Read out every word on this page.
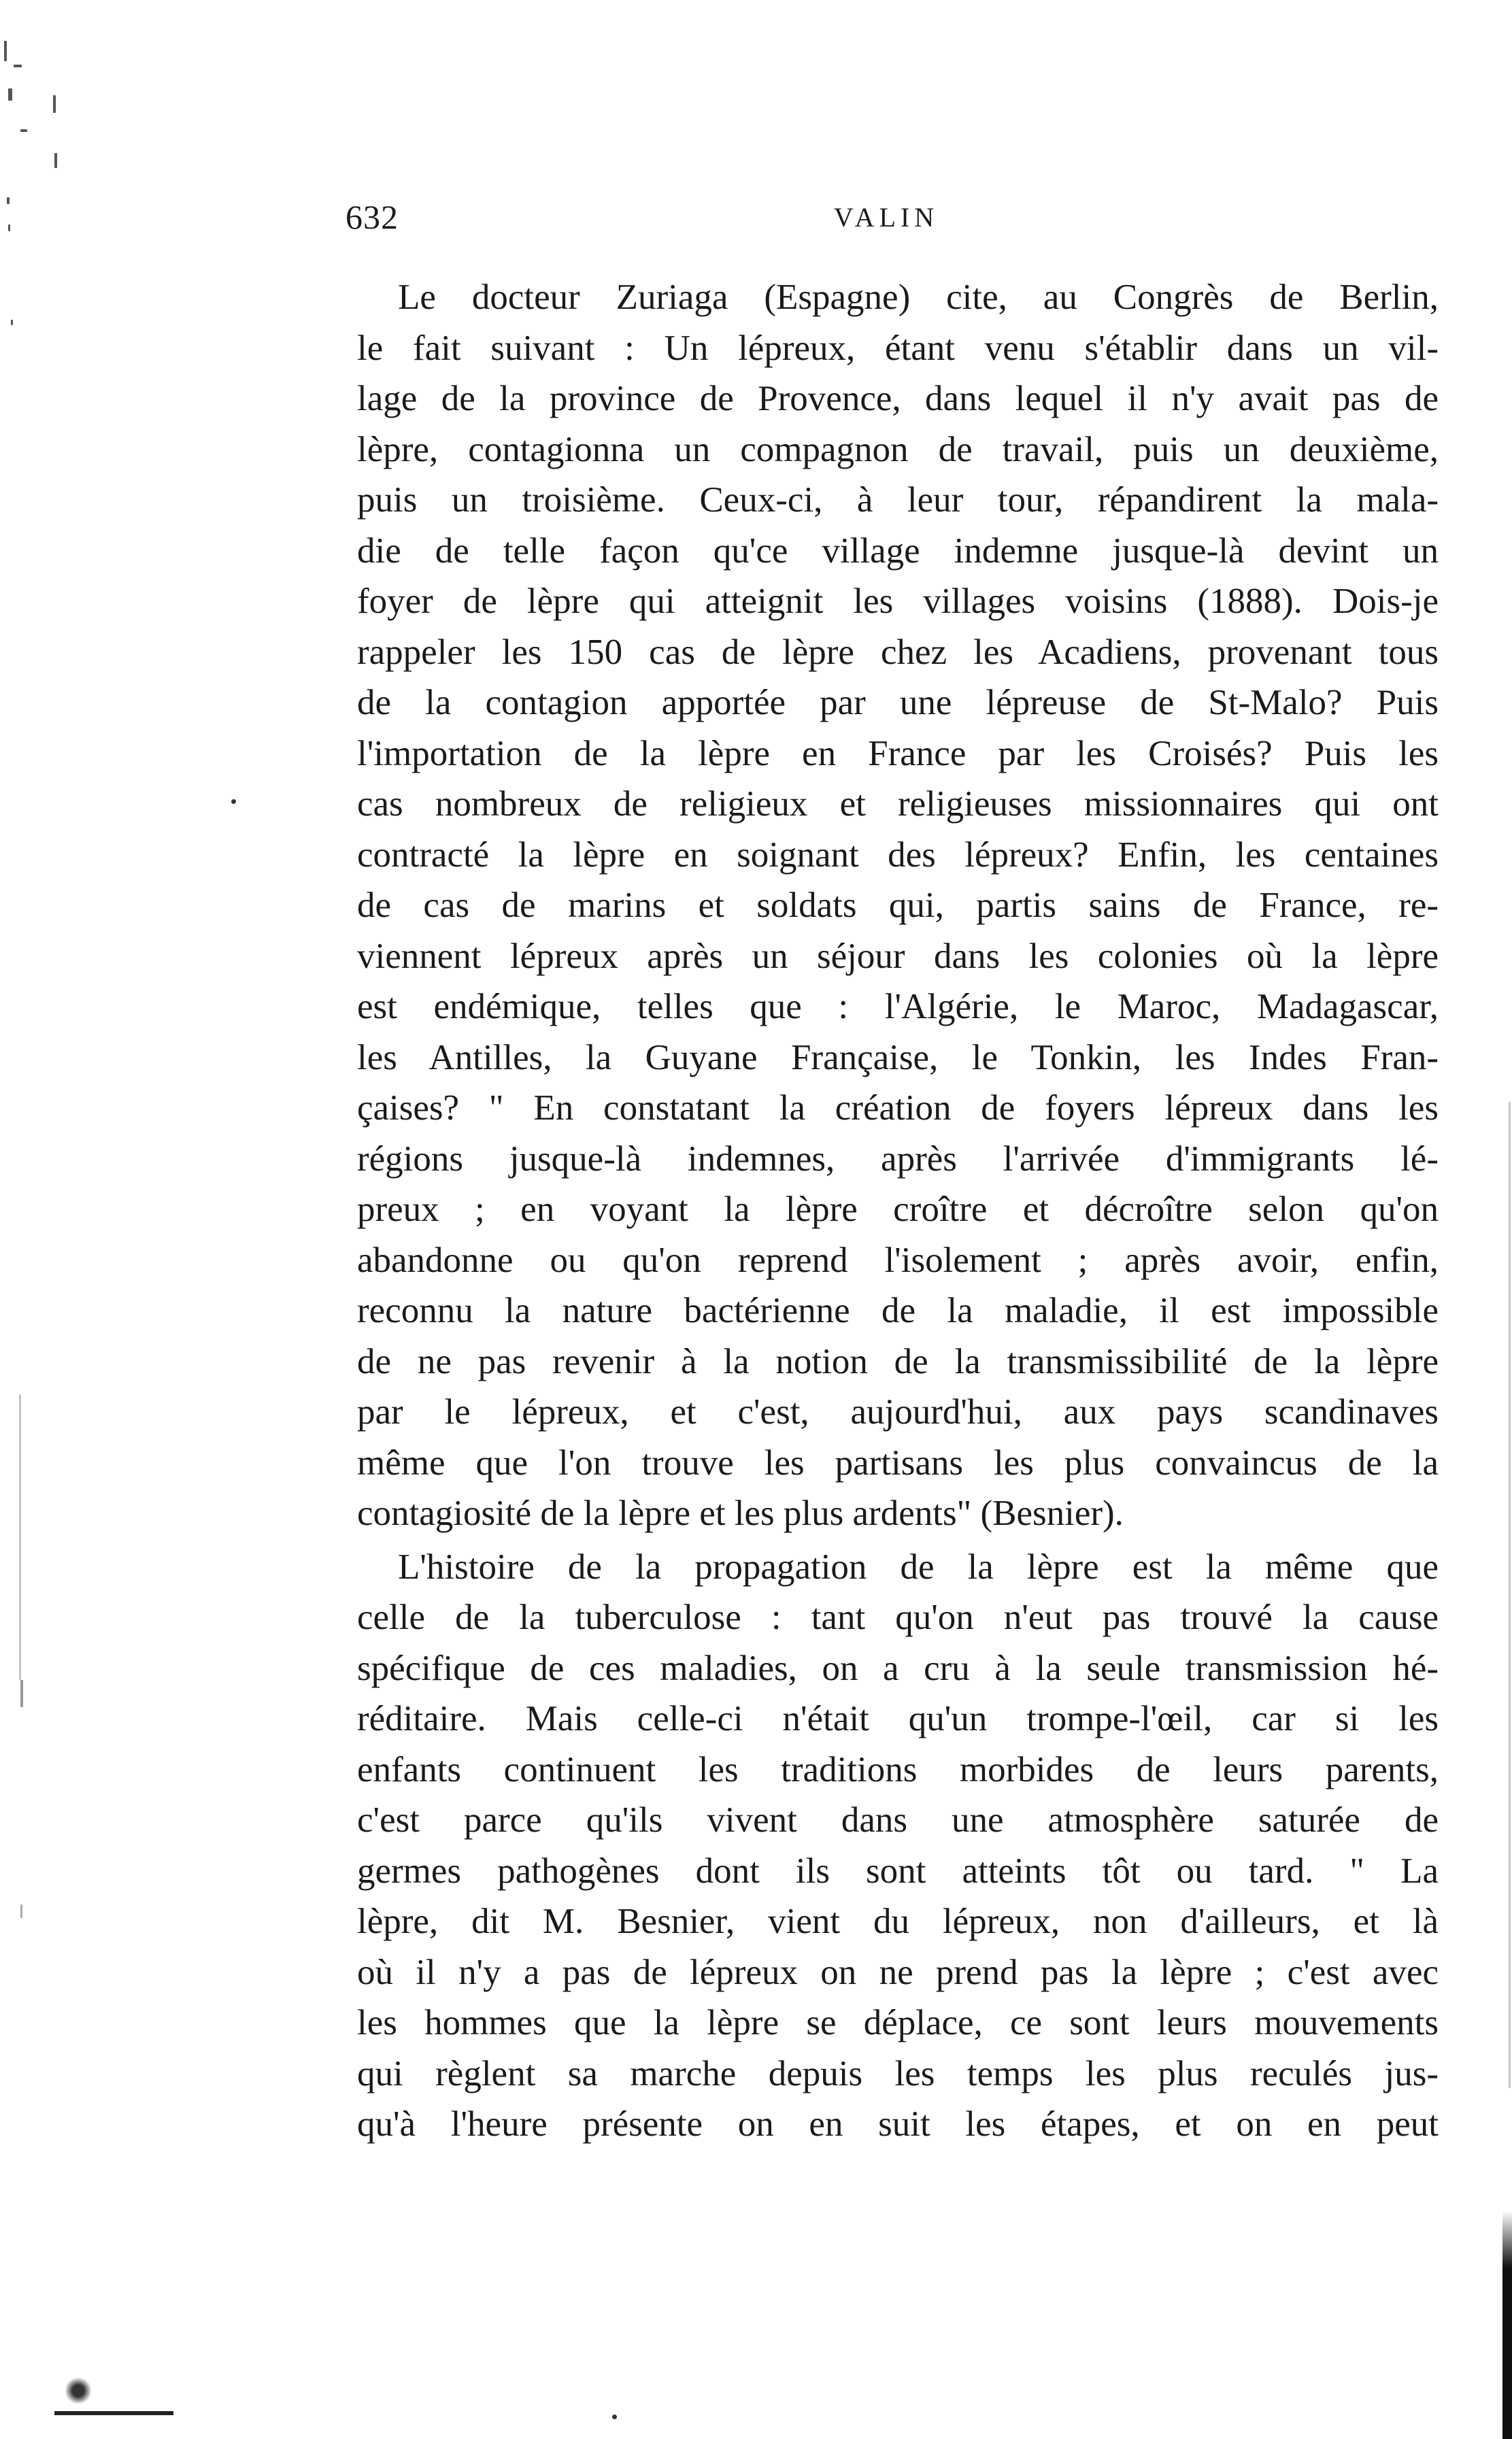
632	VALIN
Le docteur Zuriaga (Espagne) cite, au Congrès de Berlin,
le fait suivant : Un lépreux, étant venu s'établir dans un vil-
lage de la province de Provence, dans lequel il n'y avait pas de
lèpre, contagionna un compagnon de travail, puis un deuxième,
puis un troisième. Ceux-ci, à leur tour, répandirent la mala-
die de telle façon qu'ce village indemne jusque-là devint un
foyer de lèpre qui atteignit les villages voisins (1888). Dois-je
rappeler les 150 cas de lèpre chez les Acadiens, provenant tous
de la contagion apportée par une lépreuse de St-Malo? Puis
l'importation de la lèpre en France par les Croisés? Puis les
cas nombreux de religieux et religieuses missionnaires qui ont
contracté la lèpre en soignant des lépreux? Enfin, les centaines
de cas de marins et soldats qui, partis sains de France, re-
viennent lépreux après un séjour dans les colonies où la lèpre
est endémique, telles que : l'Algérie, le Maroc, Madagascar,
les Antilles, la Guyane Française, le Tonkin, les Indes Fran-
çaises? " En constatant la création de foyers lépreux dans les
régions jusque-là indemnes, après l'arrivée d'immigrants lé-
preux ; en voyant la lèpre croître et décroître selon qu'on
abandonne ou qu'on reprend l'isolement ; après avoir, enfin,
reconnu la nature bactérienne de la maladie, il est impossible
de ne pas revenir à la notion de la transmissibilité de la lèpre
par le lépreux, et c'est, aujourd'hui, aux pays scandinaves
même que l'on trouve les partisans les plus convaincus de la
contagiosité de la lèpre et les plus ardents" (Besnier).
L'histoire de la propagation de la lèpre est la même que
celle de la tuberculose : tant qu'on n'eut pas trouvé la cause
spécifique de ces maladies, on a cru à la seule transmission hé-
réditaire. Mais celle-ci n'était qu'un trompe-l'œil, car si les
enfants continuent les traditions morbides de leurs parents,
c'est parce qu'ils vivent dans une atmosphère saturée de
germes pathogènes dont ils sont atteints tôt ou tard. " La
lèpre, dit M. Besnier, vient du lépreux, non d'ailleurs, et là
où il n'y a pas de lépreux on ne prend pas la lèpre ; c'est avec
les hommes que la lèpre se déplace, ce sont leurs mouvements
qui règlent sa marche depuis les temps les plus reculés jus-
qu'à l'heure présente on en suit les étapes, et on en peut
